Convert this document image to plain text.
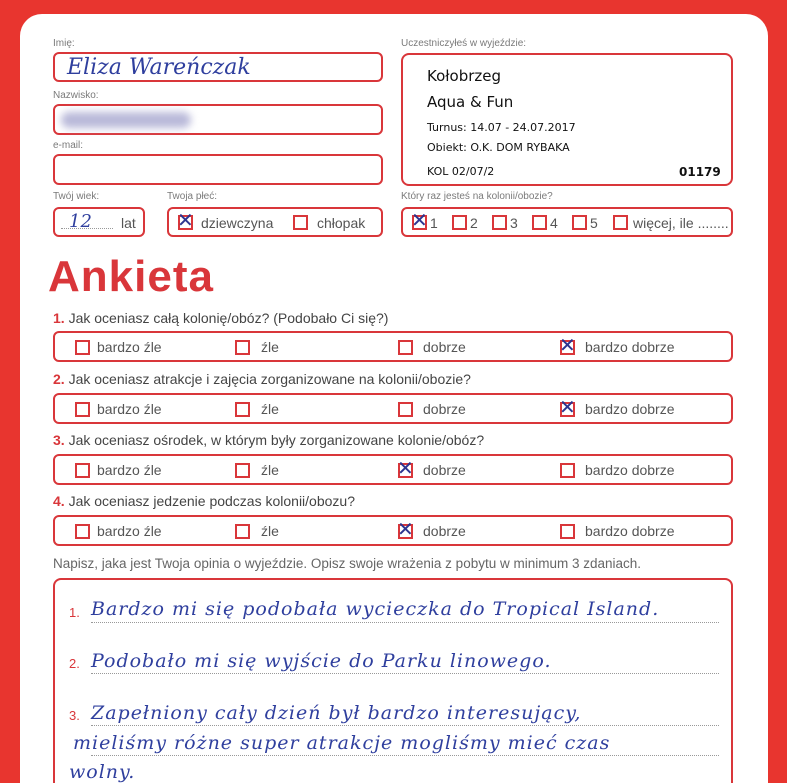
Imię:
Eliza Wareńczak
Nazwisko:
e-mail:
Twój wiek:
12 lat
Twoja płeć:
✕ dziewczyna	chłopak
Uczestniczyłeś w wyjeździe:
Kołobrzeg
Aqua & Fun
Turnus: 14.07 - 24.07.2017
Obiekt: O.K. DOM RYBAKA
KOL 02/07/2	01179
Który raz jesteś na kolonii/obozie?
✕ 1 2 3 4 5	więcej, ile ........
Ankieta
1. Jak oceniasz całą kolonię/obóz? (Podobało Ci się?)
bardzo źle	źle	dobrze	✕ bardzo dobrze
2. Jak oceniasz atrakcje i zajęcia zorganizowane na kolonii/obozie?
bardzo źle	źle	dobrze	✕ bardzo dobrze
3. Jak oceniasz ośrodek, w którym były zorganizowane kolonie/obóz?
bardzo źle	źle	✕ dobrze	bardzo dobrze
4. Jak oceniasz jedzenie podczas kolonii/obozu?
bardzo źle	źle	✕ dobrze	bardzo dobrze
Napisz, jaka jest Twoja opinia o wyjeździe. Opisz swoje wrażenia z pobytu w minimum 3 zdaniach.
1.
2.
3.
Bardzo mi się podobała wycieczka do Tropical Island.
Podobało mi się wyjście do Parku linowego.
Zapełniony cały dzień był bardzo interesujący,
mieliśmy różne super atrakcje mogliśmy mieć czas
wolny.
